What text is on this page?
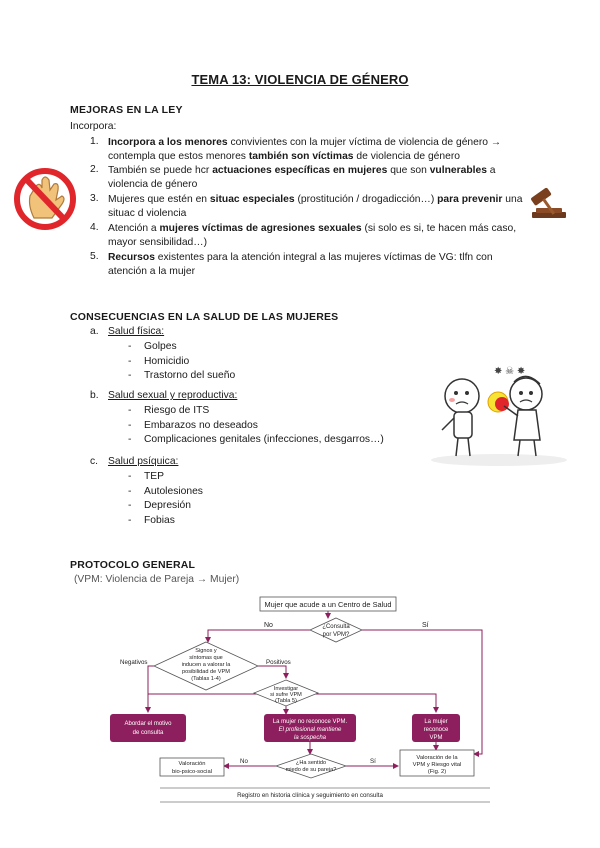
TEMA 13: VIOLENCIA DE GÉNERO
MEJORAS EN LA LEY
Incorpora:
1. Incorpora a los menores convivientes con la mujer víctima de violencia de género → contempla que estos menores también son víctimas de violencia de género
2. También se puede hcr actuaciones específicas en mujeres que son vulnerables a violencia de género
3. Mujeres que estén en situac especiales (prostitución / drogadicción…) para prevenir una situac d violencia
4. Atención a mujeres víctimas de agresiones sexuales (si solo es si, te hacen más caso, mayor sensibilidad…)
5. Recursos existentes para la atención integral a las mujeres víctimas de VG: tlfn con atención a la mujer
CONSECUENCIAS EN LA SALUD DE LAS MUJERES
a. Salud física:
- Golpes
- Homicidio
- Trastorno del sueño
b. Salud sexual y reproductiva:
- Riesgo de ITS
- Embarazos no deseados
- Complicaciones genitales (infecciones, desgarros…)
c. Salud psíquica:
- TEP
- Autolesiones
- Depresión
- Fobias
✸ ☠ ✸
PROTOCOLO GENERAL
(VPM: Violencia de Pareja → Mujer)
Mujer que acude a un Centro de Salud
¿Consulta
por VPM?
No	Sí
Signos y
síntomas que
inducen a valorar la
posibilidad de VPM
(Tablas 1-4)
Negativos	Positivos
Investigar
si sufre VPM
(Tabla 5)
Abordar el motivo
de consulta
La mujer no reconoce VPM.
El profesional mantiene
la sospecha
La mujer
reconoce
VPM
Valoración
bio-psico-social
No	¿Ha sentido
miedo de su pareja?
Sí	Valoración de la
VPM y Riesgo vital
(Fig. 2)
Registro en historia clínica y seguimiento en consulta
